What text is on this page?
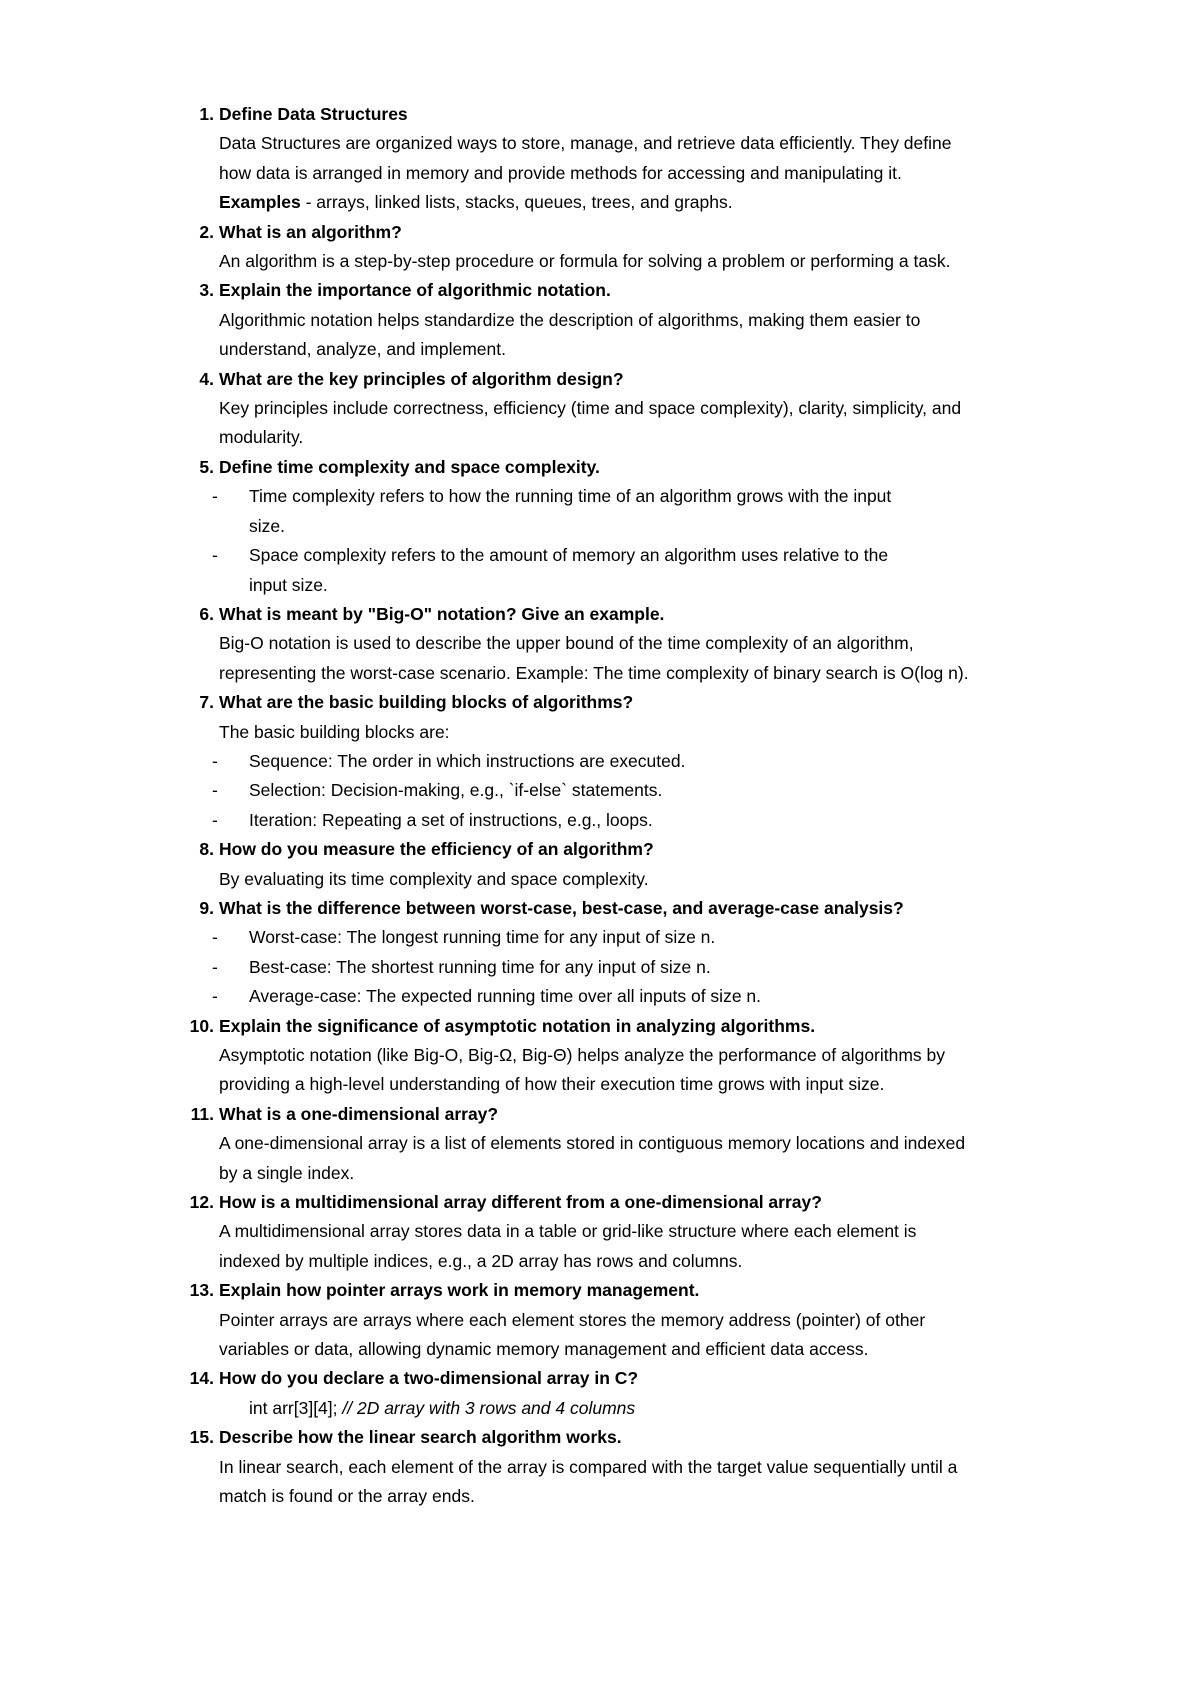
1. Define Data Structures
Data Structures are organized ways to store, manage, and retrieve data efficiently. They define
how data is arranged in memory and provide methods for accessing and manipulating it.
Examples - arrays, linked lists, stacks, queues, trees, and graphs.
2. What is an algorithm?
An algorithm is a step-by-step procedure or formula for solving a problem or performing a task.
3. Explain the importance of algorithmic notation.
Algorithmic notation helps standardize the description of algorithms, making them easier to
understand, analyze, and implement.
4. What are the key principles of algorithm design?
Key principles include correctness, efficiency (time and space complexity), clarity, simplicity, and
modularity.
5. Define time complexity and space complexity.
- Time complexity refers to how the running time of an algorithm grows with the input
size.
- Space complexity refers to the amount of memory an algorithm uses relative to the
input size.
6. What is meant by "Big-O" notation? Give an example.
Big-O notation is used to describe the upper bound of the time complexity of an algorithm,
representing the worst-case scenario. Example: The time complexity of binary search is O(log n).
7. What are the basic building blocks of algorithms?
The basic building blocks are:
- Sequence: The order in which instructions are executed.
- Selection: Decision-making, e.g., `if-else` statements.
- Iteration: Repeating a set of instructions, e.g., loops.
8. How do you measure the efficiency of an algorithm?
By evaluating its time complexity and space complexity.
9. What is the difference between worst-case, best-case, and average-case analysis?
- Worst-case: The longest running time for any input of size n.
- Best-case: The shortest running time for any input of size n.
- Average-case: The expected running time over all inputs of size n.
10. Explain the significance of asymptotic notation in analyzing algorithms.
Asymptotic notation (like Big-O, Big-Ω, Big-Θ) helps analyze the performance of algorithms by
providing a high-level understanding of how their execution time grows with input size.
11. What is a one-dimensional array?
A one-dimensional array is a list of elements stored in contiguous memory locations and indexed
by a single index.
12. How is a multidimensional array different from a one-dimensional array?
A multidimensional array stores data in a table or grid-like structure where each element is
indexed by multiple indices, e.g., a 2D array has rows and columns.
13. Explain how pointer arrays work in memory management.
Pointer arrays are arrays where each element stores the memory address (pointer) of other
variables or data, allowing dynamic memory management and efficient data access.
14. How do you declare a two-dimensional array in C?
int arr[3][4]; // 2D array with 3 rows and 4 columns
15. Describe how the linear search algorithm works.
In linear search, each element of the array is compared with the target value sequentially until a
match is found or the array ends.
